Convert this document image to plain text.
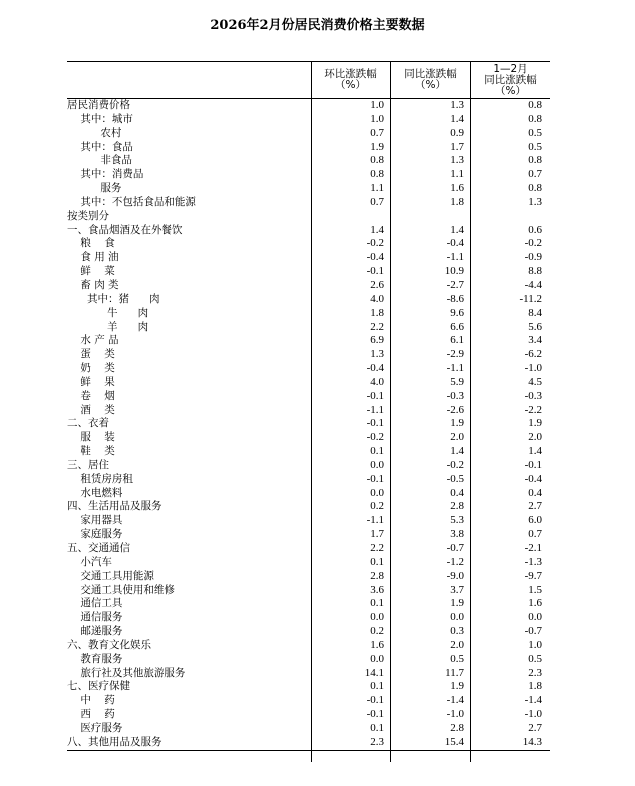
2026年2月份居民消费价格主要数据
环比涨跌幅
（%）
同比涨跌幅
（%）
1—2月
同比涨跌幅
（%）
居民消费价格	1.0	1.3	0.8
其中：城市	1.0	1.4	0.8
农村	0.7	0.9	0.5
其中：食品	1.9	1.7	0.5
非食品	0.8	1.3	0.8
其中：消费品	0.8	1.1	0.7
服务	1.1	1.6	0.8
其中：不包括食品和能源	0.7	1.8	1.3
按类别分
一、食品烟酒及在外餐饮	1.4	1.4	0.6
粮    食	-0.2	-0.4	-0.2
食 用 油	-0.4	-1.1	-0.9
鲜    菜	-0.1	10.9	8.8
畜 肉 类	2.6	-2.7	-4.4
其中：猪      肉	4.0	-8.6	-11.2
牛      肉	1.8	9.6	8.4
羊      肉	2.2	6.6	5.6
水 产 品	6.9	6.1	3.4
蛋    类	1.3	-2.9	-6.2
奶    类	-0.4	-1.1	-1.0
鲜    果	4.0	5.9	4.5
卷    烟	-0.1	-0.3	-0.3
酒    类	-1.1	-2.6	-2.2
二、衣着	-0.1	1.9	1.9
服    装	-0.2	2.0	2.0
鞋    类	0.1	1.4	1.4
三、居住	0.0	-0.2	-0.1
租赁房房租	-0.1	-0.5	-0.4
水电燃料	0.0	0.4	0.4
四、生活用品及服务	0.2	2.8	2.7
家用器具	-1.1	5.3	6.0
家庭服务	1.7	3.8	0.7
五、交通通信	2.2	-0.7	-2.1
小汽车	0.1	-1.2	-1.3
交通工具用能源	2.8	-9.0	-9.7
交通工具使用和维修	3.6	3.7	1.5
通信工具	0.1	1.9	1.6
通信服务	0.0	0.0	0.0
邮递服务	0.2	0.3	-0.7
六、教育文化娱乐	1.6	2.0	1.0
教育服务	0.0	0.5	0.5
旅行社及其他旅游服务	14.1	11.7	2.3
七、医疗保健	0.1	1.9	1.8
中    药	-0.1	-1.4	-1.4
西    药	-0.1	-1.0	-1.0
医疗服务	0.1	2.8	2.7
八、其他用品及服务	2.3	15.4	14.3
